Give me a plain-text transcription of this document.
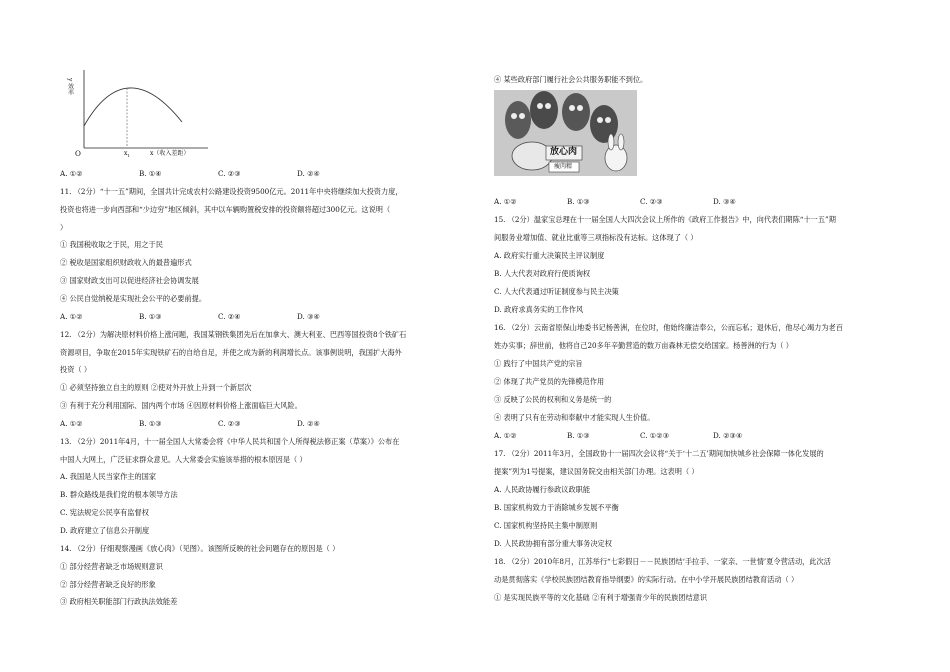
y 效率
O	$x_1$	x（收入差距）
A. ①②	B. ①④	C. ②③	D. ②④
11. （2分）“十一五”期间，全国共计完成农村公路建设投资9500亿元。2011年中央将继续加大投资力度，
投资也将进一步向西部和“少边穷”地区倾斜，其中以车辆购置税安排的投资额将超过300亿元。这说明（
）
① 我国税收取之于民，用之于民
② 税收是国家组织财政收入的最普遍形式
③ 国家财政支出可以促进经济社会协调发展
④ 公民自觉纳税是实现社会公平的必要前提。
A. ①②	B. ①③	C. ②④	D. ③④
12. （2分）为解决原材料价格上涨问题，我国某钢铁集团先后在加拿大、澳大利亚、巴西等国投资8个铁矿石
资源项目，争取在2015年实现铁矿石的自给自足，并使之成为新的利润增长点。该事例说明，我国扩大海外
投资（ ）
① 必须坚持独立自主的原则 ②使对外开放上升到一个新层次
③ 有利于充分利用国际、国内两个市场 ④因原材料价格上涨面临巨大风险。
A. ①②	B. ①③	C. ②③	D. ②④
13. （2分）2011年4月，十一届全国人大常委会将《中华人民共和国个人所得税法修正案（草案）》公布在
中国人大网上，广泛征求群众意见。人大常委会实施该举措的根本原因是（ ）
A. 我国是人民当家作主的国家
B. 群众路线是我们党的根本领导方法
C. 宪法规定公民享有监督权
D. 政府建立了信息公开制度
14. （2分）仔细观察漫画《放心肉》（见图）。该图所反映的社会问题存在的原因是（ ）
① 部分经营者缺乏市场规则意识
② 部分经营者缺乏良好的形象
③ 政府相关职能部门行政执法效能差
④ 某些政府部门履行社会公共服务职能不到位。
放心肉
瘦肉精
A. ①②	B. ①③	C. ②③	D. ③④
15. （2分）温家宝总理在十一届全国人大四次会议上所作的《政府工作报告》中，向代表们期陈“十一五”期
间服务业增加值、就业比重等三项指标没有达标。这体现了（ ）
A. 政府实行重大决策民主评议制度
B. 人大代表对政府行使质询权
C. 人大代表通过听证制度参与民主决策
D. 政府求真务实的工作作风
16. （2分）云南省原保山地委书记杨善洲，在位时，他始终廉洁奉公，公而忘私；退休后，他尽心竭力为老百
姓办实事；辞世前，他将自己20多年辛勤营造的数万亩森林无偿交给国家。杨善洲的行为（ ）
① 践行了中国共产党的宗旨
② 体现了共产党员的先锋模范作用
③ 反映了公民的权利和义务是统一的
④ 表明了只有在劳动和奉献中才能实现人生价值。
A. ①②	B. ①③	C. ①②③	D. ②③④
17. （2分）2011年3月，全国政协十一届四次会议将“关于‘十二五’期间加快城乡社会保障一体化发展的
提案”列为1号提案，建议国务院交由相关部门办理。这表明（ ）
A. 人民政协履行参政议政职能
B. 国家机构致力于消除城乡发展不平衡
C. 国家机构坚持民主集中制原则
D. 人民政协拥有部分重大事务决定权
18. （2分）2010年8月，江苏举行“七彩假日－－民族团结‘手拉手、一家亲、一世情’夏令营活动，此次活
动是贯彻落实《学校民族团结教育指导纲要》的实际行动。在中小学开展民族团结教育活动（ ）
① 是实现民族平等的文化基础 ②有利于增强青少年的民族团结意识
